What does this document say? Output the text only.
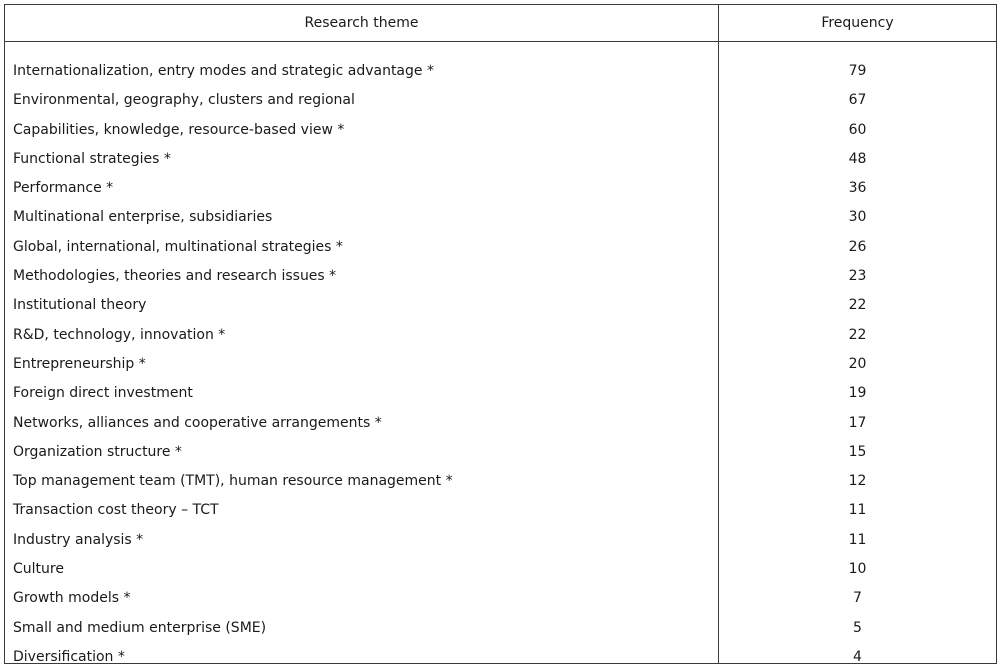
Research theme	Frequency
Internationalization, entry modes and strategic advantage *
Environmental, geography, clusters and regional
Capabilities, knowledge, resource-based view *
Functional strategies *
Performance *
Multinational enterprise, subsidiaries
Global, international, multinational strategies *
Methodologies, theories and research issues *
Institutional theory
R&D, technology, innovation *
Entrepreneurship *
Foreign direct investment
Networks, alliances and cooperative arrangements *
Organization structure *
Top management team (TMT), human resource management *
Transaction cost theory – TCT
Industry analysis *
Culture
Growth models *
Small and medium enterprise (SME)
Diversification *
79
67
60
48
36
30
26
23
22
22
20
19
17
15
12
11
11
10
7
5
4
